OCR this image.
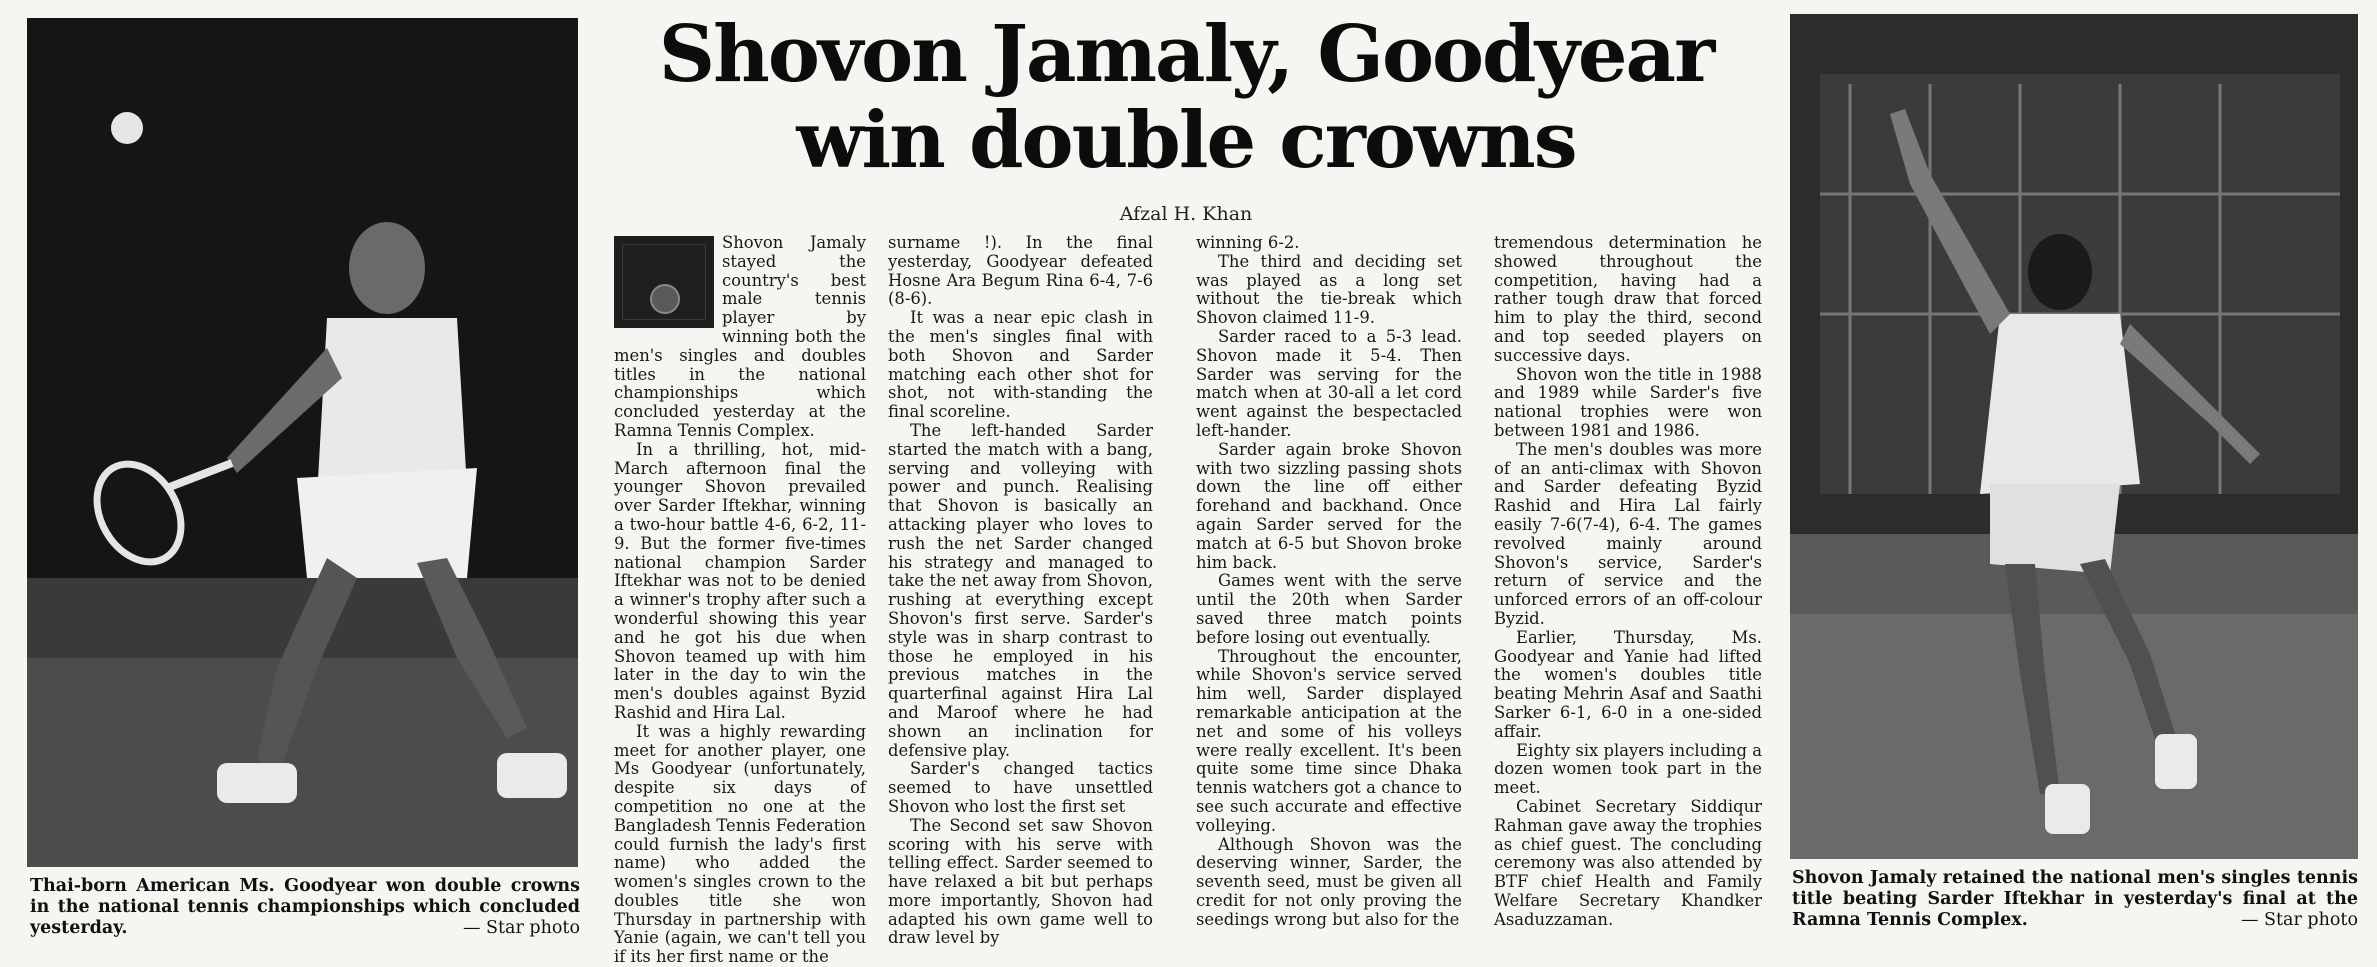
Thai-born American Ms. Goodyear won double crowns in the national tennis championships which concluded yesterday.	— Star photo
Shovon Jamaly, Goodyear win double crowns
Afzal H. Khan

Shovon Jamaly stayed the country's best male tennis player by winning both the men's singles and doubles titles in the national championships which concluded yesterday at the Ramna Tennis Complex.

In a thrilling, hot, mid-March afternoon final the younger Shovon prevailed over Sarder Iftekhar, winning a two-hour battle 4-6, 6-2, 11-9. But the former five-times national champion Sarder Iftekhar was not to be denied a winner's trophy after such a wonderful showing this year and he got his due when Shovon teamed up with him later in the day to win the men's doubles against Byzid Rashid and Hira Lal.

It was a highly rewarding meet for another player, one Ms Goodyear (unfortunately, despite six days of competition no one at the Bangladesh Tennis Federation could furnish the lady's first name) who added the women's singles crown to the doubles title she won Thursday in partnership with Yanie (again, we can't tell you if its her first name or the

surname !). In the final yesterday, Goodyear defeated Hosne Ara Begum Rina 6-4, 7-6 (8-6).

It was a near epic clash in the men's singles final with both Shovon and Sarder matching each other shot for shot, not with-standing the final scoreline.

The left-handed Sarder started the match with a bang, serving and volleying with power and punch. Realising that Shovon is basically an attacking player who loves to rush the net Sarder changed his strategy and managed to take the net away from Shovon, rushing at everything except Shovon's first serve. Sarder's style was in sharp contrast to those he employed in his previous matches in the quarterfinal against Hira Lal and Maroof where he had shown an inclination for defensive play.

Sarder's changed tactics seemed to have unsettled Shovon who lost the first set

The Second set saw Shovon scoring with his serve with telling effect. Sarder seemed to have relaxed a bit but perhaps more importantly, Shovon had adapted his own game well to draw level by

winning 6-2.

The third and deciding set was played as a long set without the tie-break which Shovon claimed 11-9.

Sarder raced to a 5-3 lead. Shovon made it 5-4. Then Sarder was serving for the match when at 30-all a let cord went against the bespectacled left-hander.

Sarder again broke Shovon with two sizzling passing shots down the line off either forehand and backhand. Once again Sarder served for the match at 6-5 but Shovon broke him back.

Games went with the serve until the 20th when Sarder saved three match points before losing out eventually.

Throughout the encounter, while Shovon's service served him well, Sarder displayed remarkable anticipation at the net and some of his volleys were really excellent. It's been quite some time since Dhaka tennis watchers got a chance to see such accurate and effective volleying.

Although Shovon was the deserving winner, Sarder, the seventh seed, must be given all credit for not only proving the seedings wrong but also for the

tremendous determination he showed throughout the competition, having had a rather tough draw that forced him to play the third, second and top seeded players on successive days.

Shovon won the title in 1988 and 1989 while Sarder's five national trophies were won between 1981 and 1986.

The men's doubles was more of an anti-climax with Shovon and Sarder defeating Byzid Rashid and Hira Lal fairly easily 7-6(7-4), 6-4. The games revolved mainly around Shovon's service, Sarder's return of service and the unforced errors of an off-colour Byzid.

Earlier, Thursday, Ms. Goodyear and Yanie had lifted the women's doubles title beating Mehrin Asaf and Saathi Sarker 6-1, 6-0 in a one-sided affair.

Eighty six players including a dozen women took part in the meet.

Cabinet Secretary Siddiqur Rahman gave away the trophies as chief guest. The concluding ceremony was also attended by BTF chief Health and Family Welfare Secretary Khandker Asaduzzaman.

Shovon Jamaly retained the national men's singles tennis title beating Sarder Iftekhar in yesterday's final at the Ramna Tennis Complex.	— Star photo
